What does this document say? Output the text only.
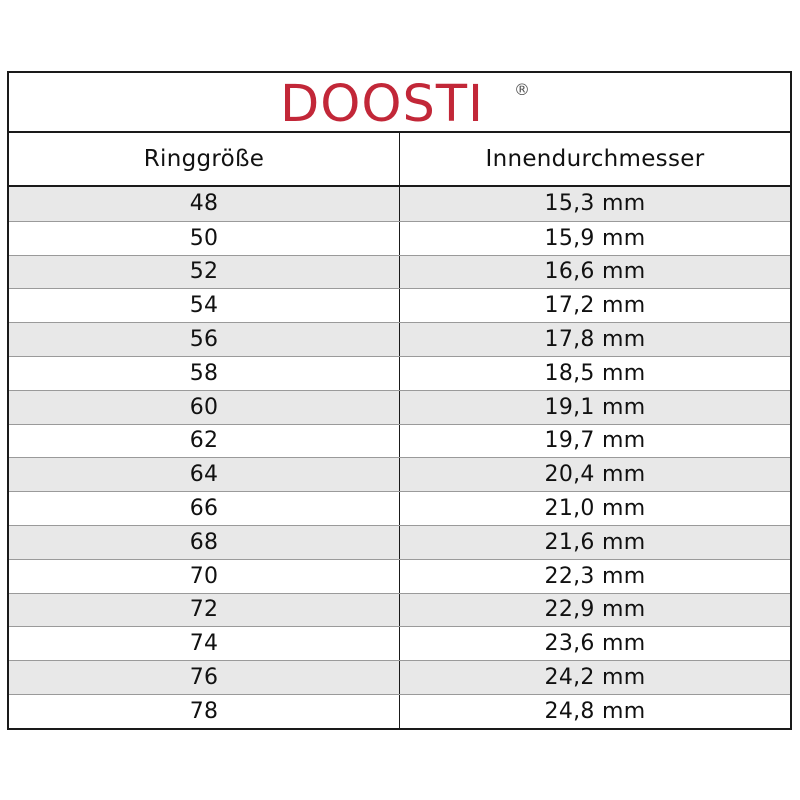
DOOSTI ®
Ringgröße	Innendurchmesser
48	15,3 mm
50	15,9 mm
52	16,6 mm
54	17,2 mm
56	17,8 mm
58	18,5 mm
60	19,1 mm
62	19,7 mm
64	20,4 mm
66	21,0 mm
68	21,6 mm
70	22,3 mm
72	22,9 mm
74	23,6 mm
76	24,2 mm
78	24,8 mm
